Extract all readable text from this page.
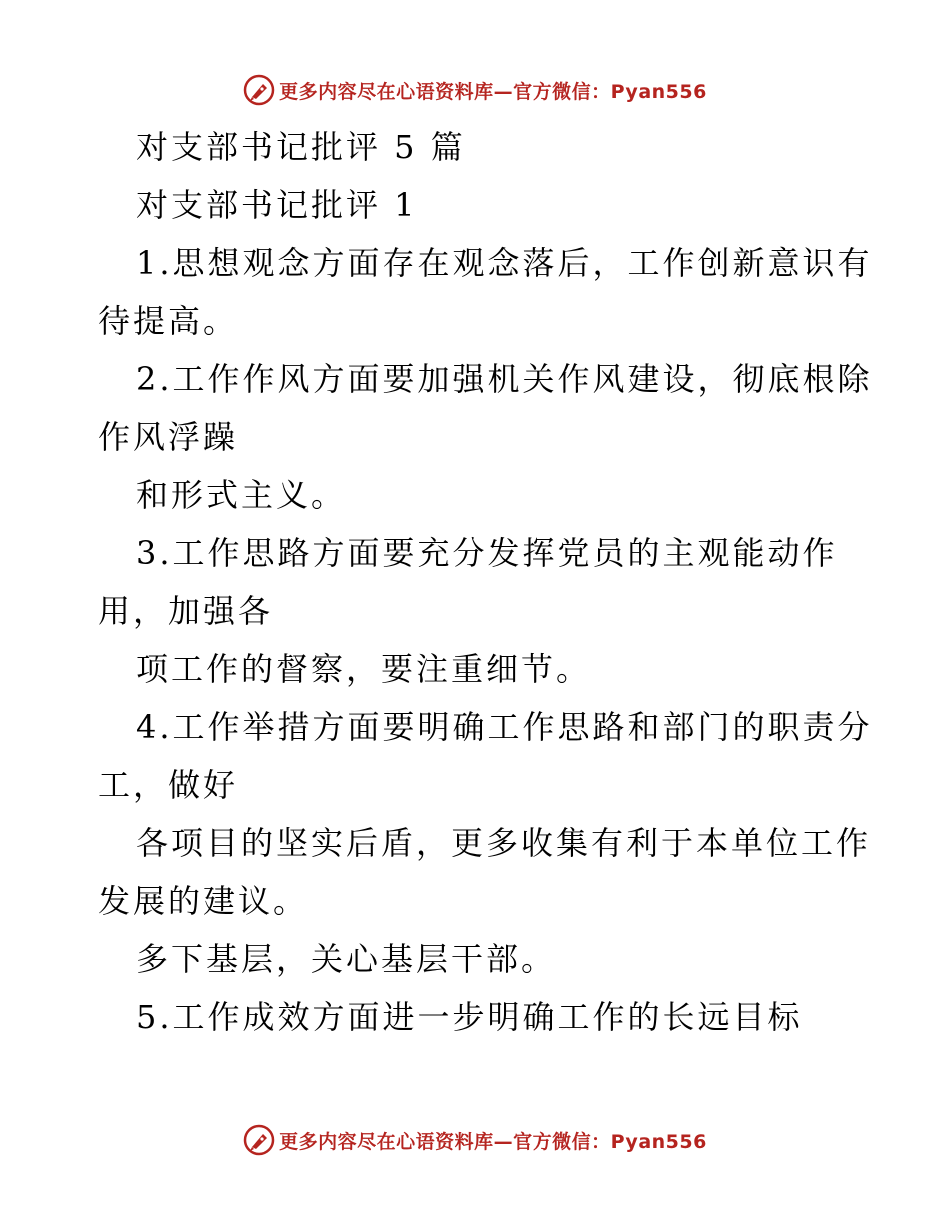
更多内容尽在心语资料库—官方微信：Pyan556
对支部书记批评 5 篇
对支部书记批评 1
1.思想观念方面存在观念落后，工作创新意识有
待提高。
2.工作作风方面要加强机关作风建设，彻底根除
作风浮躁
和形式主义。
3.工作思路方面要充分发挥党员的主观能动作
用，加强各
项工作的督察，要注重细节。
4.工作举措方面要明确工作思路和部门的职责分
工，做好
各项目的坚实后盾，更多收集有利于本单位工作
发展的建议。
多下基层，关心基层干部。
5.工作成效方面进一步明确工作的长远目标
更多内容尽在心语资料库—官方微信：Pyan556
